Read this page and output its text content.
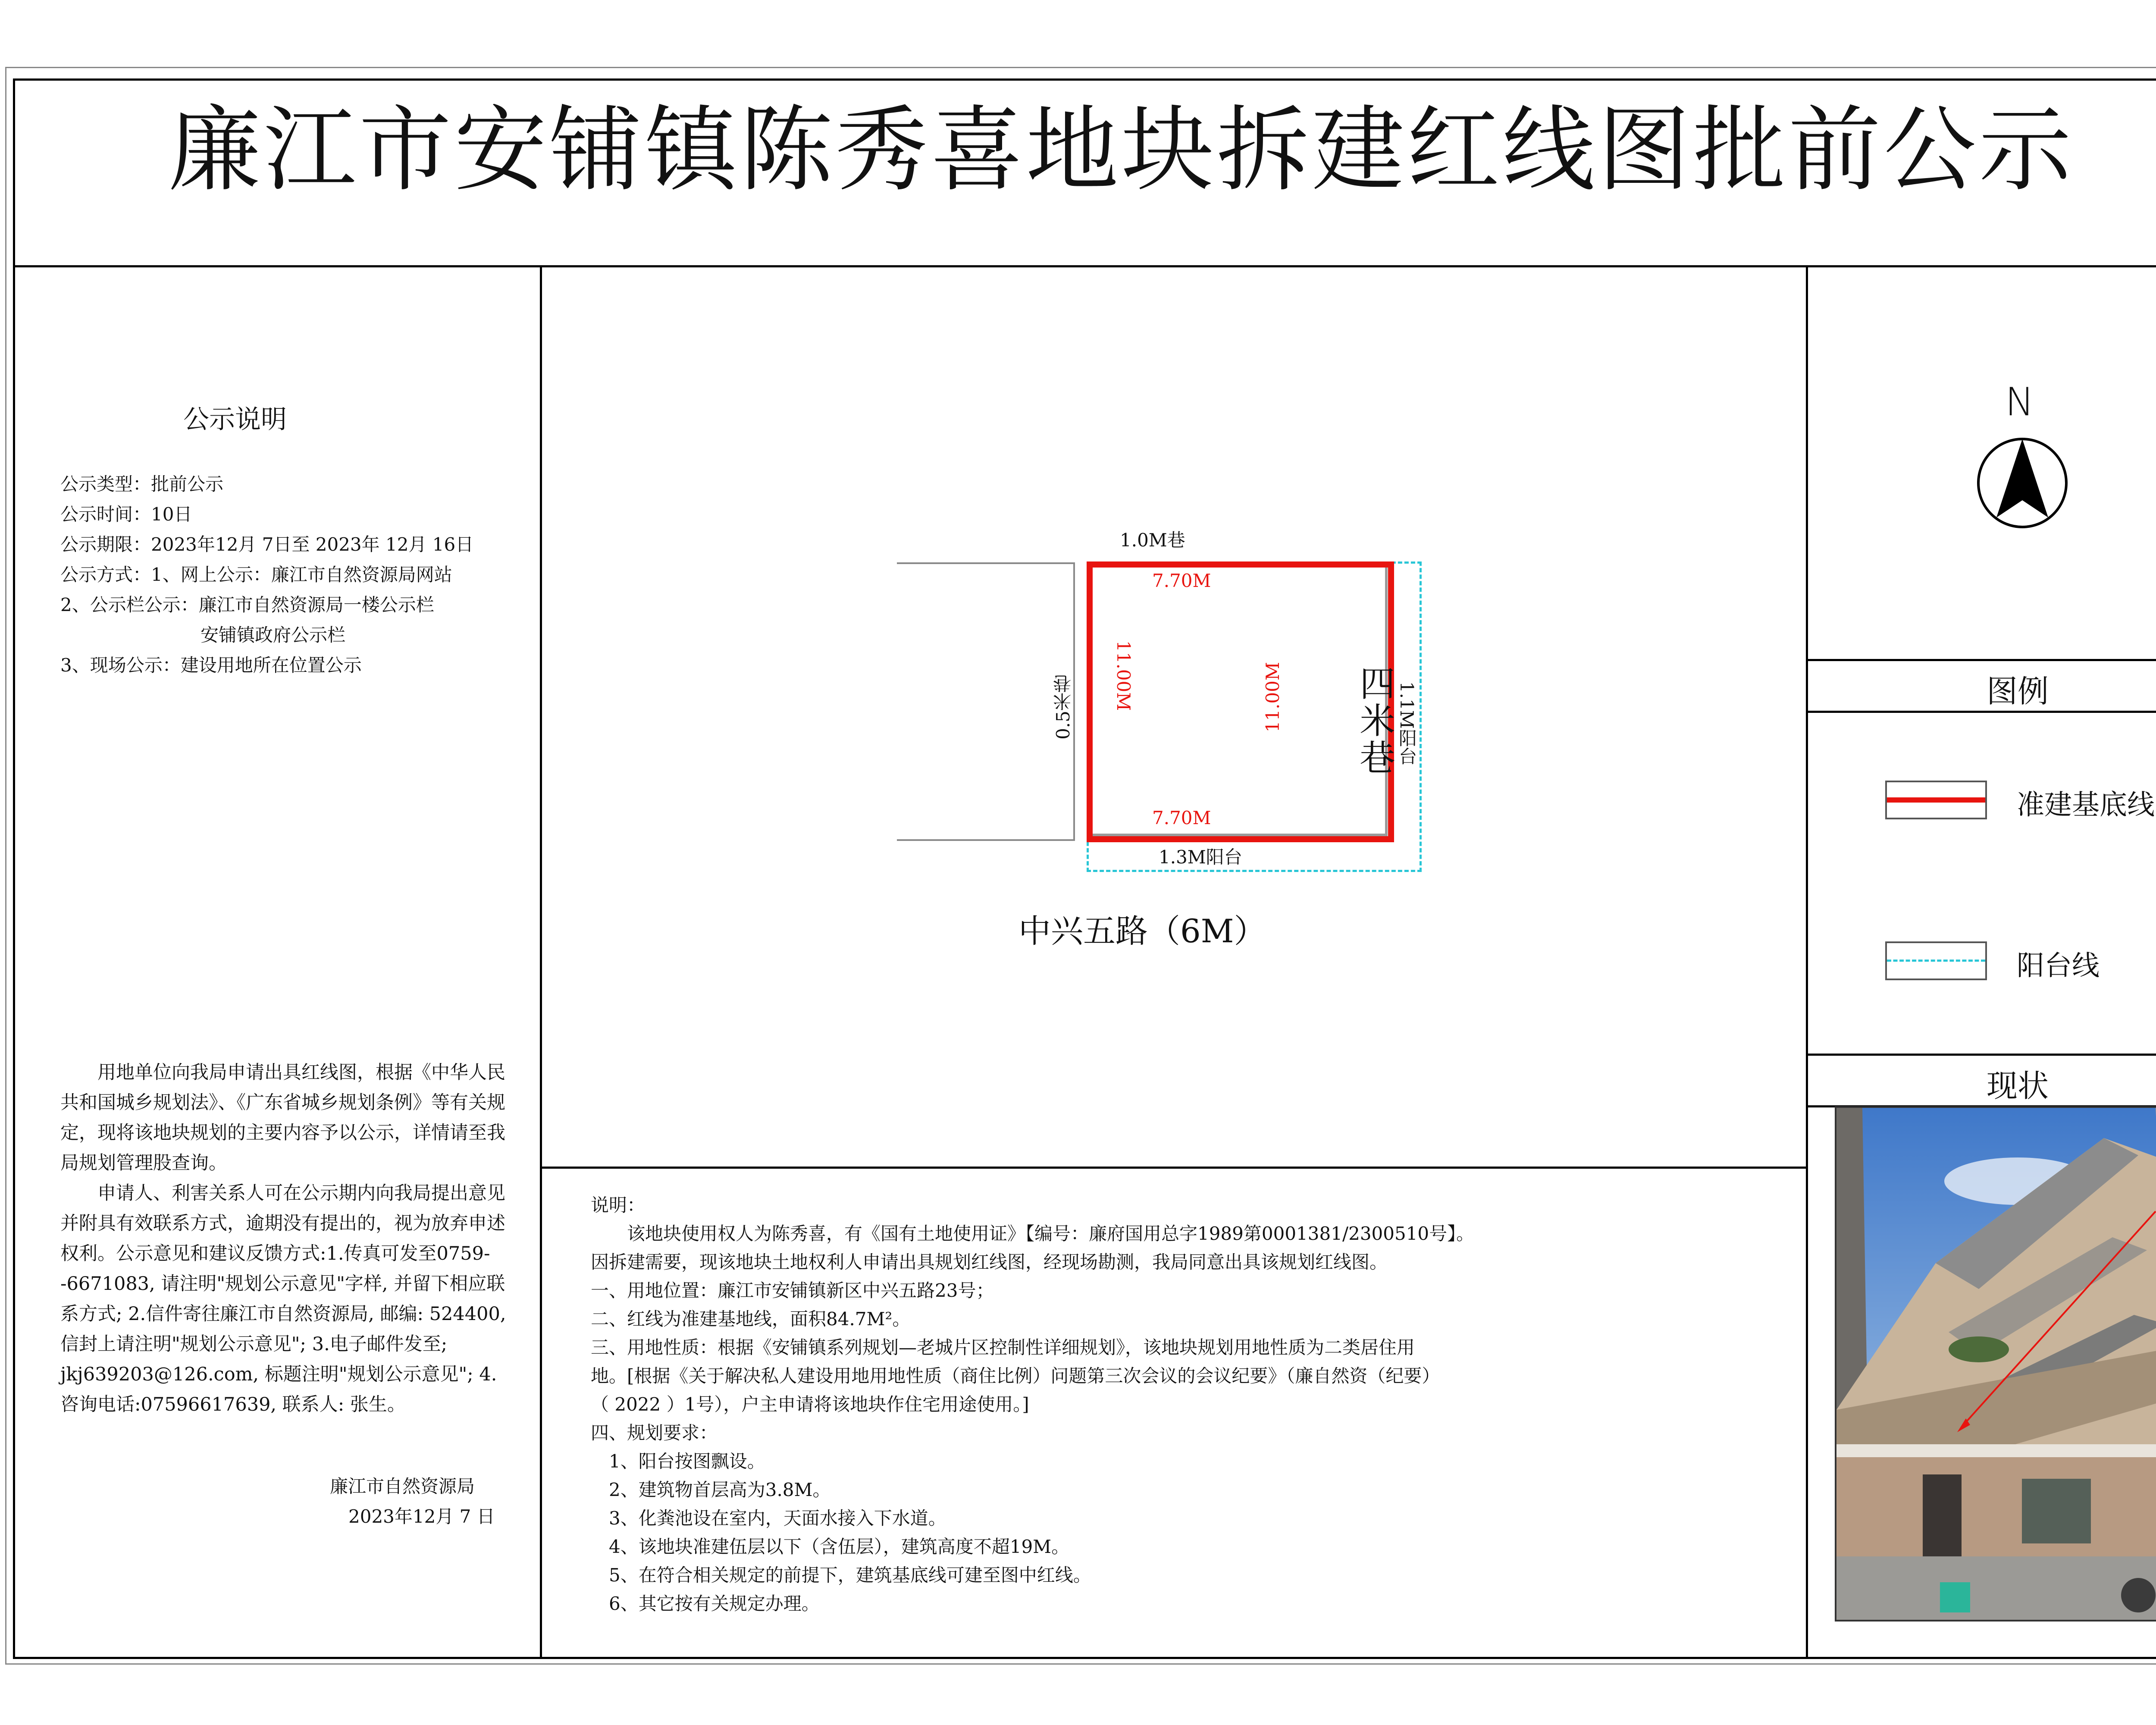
廉江市安铺镇陈秀喜地块拆建红线图批前公示
公示说明
公示类型：批前公示
公示时间：10日
公示期限：2023年12月 7日至 2023年 12月 16日
公示方式：1、网上公示：廉江市自然资源局网站
2、公示栏公示：廉江市自然资源局一楼公示栏
安铺镇政府公示栏
3、现场公示：建设用地所在位置公示
用地单位向我局申请出具红线图，根据《中华人民共和国城乡规划法》、《广东省城乡规划条例》等有关规定，现将该地块规划的主要内容予以公示，详情请至我局规划管理股查询。
申请人、利害关系人可在公示期内向我局提出意见并附具有效联系方式，逾期没有提出的，视为放弃申述权利。公示意见和建议反馈方式:1.传真可发至0759--6671083, 请注明"规划公示意见"字样, 并留下相应联系方式; 2.信件寄往廉江市自然资源局, 邮编: 524400, 信封上请注明"规划公示意见"; 3.电子邮件发至; jkj639203@126.com, 标题注明"规划公示意见"; 4.咨询电话:07596617639, 联系人: 张生。
廉江市自然资源局
2023年12月 7 日
1.0M巷
7.70M
7.70M
1.3M阳台
11.00M	11.00M
0.5米巷	1.1M阳台
四米巷
中兴五路（6M）
说明：
该地块使用权人为陈秀喜，有《国有土地使用证》【编号：廉府国用总字1989第0001381/2300510号】。
因拆建需要，现该地块土地权利人申请出具规划红线图，经现场勘测，我局同意出具该规划红线图。
一、用地位置：廉江市安铺镇新区中兴五路23号；
二、红线为准建基地线，面积84.7M²。
三、用地性质：根据《安铺镇系列规划—老城片区控制性详细规划》，该地块规划用地性质为二类居住用
地。[根据《关于解决私人建设用地用地性质（商住比例）问题第三次会议的会议纪要》（廉自然资（纪要）
（ 2022 ）1号），户主申请将该地块作住宅用途使用。]
四、规划要求：
1、阳台按图飘设。
2、建筑物首层高为3.8M。
3、化粪池设在室内，天面水接入下水道。
4、该地块准建伍层以下（含伍层），建筑高度不超19M。
5、在符合相关规定的前提下，建筑基底线可建至图中红线。
6、其它按有关规定办理。
N
图例
准建基底线
阳台线
现状
